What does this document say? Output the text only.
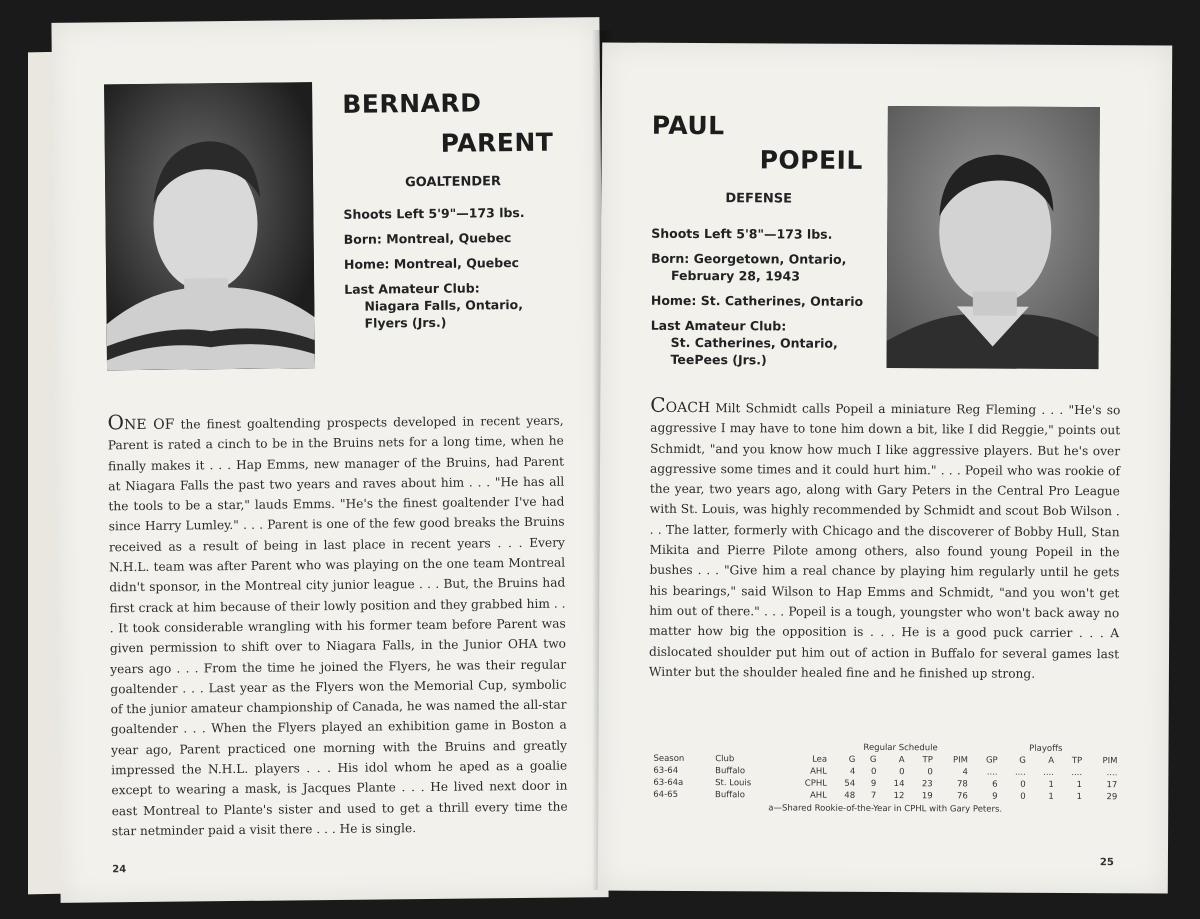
BERNARD
PARENT

GOALTENDER

Shoots Left 5'9"—173 lbs.
Born: Montreal, Quebec
Home: Montreal, Quebec
Last Amateur Club:
Niagara Falls, Ontario,
Flyers (Jrs.)
ONE OF the finest goaltending prospects developed in recent years, Parent is rated a cinch to be in the Bruins nets for a long time, when he finally makes it . . . Hap Emms, new manager of the Bruins, had Parent at Niagara Falls the past two years and raves about him . . . "He has all the tools to be a star," lauds Emms. "He's the finest goaltender I've had since Harry Lumley." . . . Parent is one of the few good breaks the Bruins received as a result of being in last place in recent years . . . Every N.H.L. team was after Parent who was playing on the one team Montreal didn't sponsor, in the Montreal city junior league . . . But, the Bruins had first crack at him because of their lowly position and they grabbed him . . . It took considerable wrangling with his former team before Parent was given permission to shift over to Niagara Falls, in the Junior OHA two years ago . . . From the time he joined the Flyers, he was their regular goaltender . . . Last year as the Flyers won the Memorial Cup, symbolic of the junior amateur championship of Canada, he was named the all-star goaltender . . . When the Flyers played an exhibition game in Boston a year ago, Parent practiced one morning with the Bruins and greatly impressed the N.H.L. players . . . His idol whom he aped as a goalie except to wearing a mask, is Jacques Plante . . . He lived next door in east Montreal to Plante's sister and used to get a thrill every time the star netminder paid a visit there . . . He is single.
24
PAUL
POPEIL

DEFENSE

Shoots Left 5'8"—173 lbs.
Born: Georgetown, Ontario,
February 28, 1943
Home: St. Catherines, Ontario
Last Amateur Club:
St. Catherines, Ontario,
TeePees (Jrs.)
COACH Milt Schmidt calls Popeil a miniature Reg Fleming . . . "He's so aggressive I may have to tone him down a bit, like I did Reggie," points out Schmidt, "and you know how much I like aggressive players. But he's over aggressive some times and it could hurt him." . . . Popeil who was rookie of the year, two years ago, along with Gary Peters in the Central Pro League with St. Louis, was highly recommended by Schmidt and scout Bob Wilson . . . The latter, formerly with Chicago and the discoverer of Bobby Hull, Stan Mikita and Pierre Pilote among others, also found young Popeil in the bushes . . . "Give him a real chance by playing him regularly until he gets his bearings," said Wilson to Hap Emms and Schmidt, "and you won't get him out of there." . . . Popeil is a tough, youngster who won't back away no matter how big the opposition is . . . He is a good puck carrier . . . A dislocated shoulder put him out of action in Buffalo for several games last Winter but the shoulder healed fine and he finished up strong.
			Regular Schedule					Playoffs				
Season	Club	Lea	G	G	A	TP	PIM	GP	G	A	TP	PIM
63-64	Buffalo	AHL	4	0	0	0	4	....	....	....	....	....
63-64a	St. Louis	CPHL	54	9	14	23	78	6	0	1	1	17
64-65	Buffalo	AHL	48	7	12	19	76	9	0	1	1	29
a—Shared Rookie-of-the-Year in CPHL with Gary Peters.
25
